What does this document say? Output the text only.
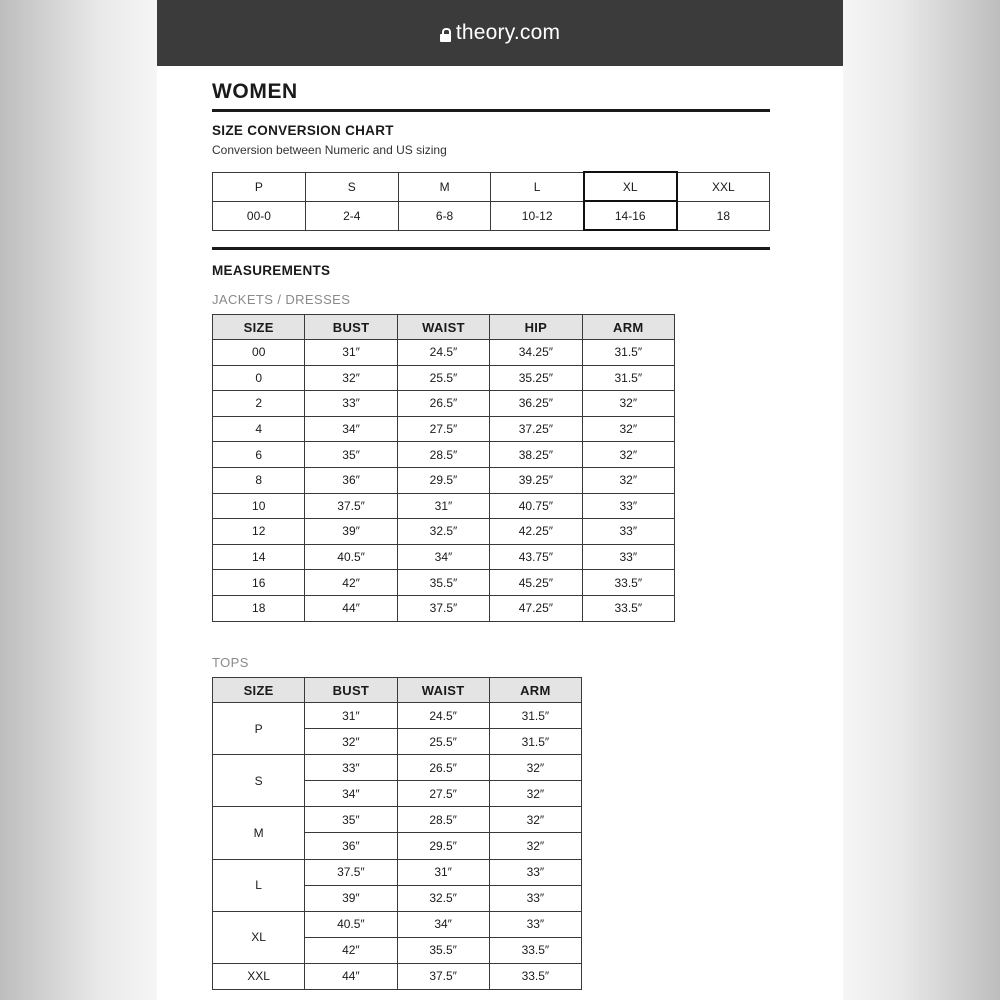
theory.com
WOMEN
SIZE CONVERSION CHART
Conversion between Numeric and US sizing
P	S	M	L	XL	XXL
00-0	2-4	6-8	10-12	14-16	18
MEASUREMENTS
JACKETS / DRESSES
SIZE	BUST	WAIST	HIP	ARM
00	31″	24.5″	34.25″	31.5″
0	32″	25.5″	35.25″	31.5″
2	33″	26.5″	36.25″	32″
4	34″	27.5″	37.25″	32″
6	35″	28.5″	38.25″	32″
8	36″	29.5″	39.25″	32″
10	37.5″	31″	40.75″	33″
12	39″	32.5″	42.25″	33″
14	40.5″	34″	43.75″	33″
16	42″	35.5″	45.25″	33.5″
18	44″	37.5″	47.25″	33.5″
TOPS
SIZE	BUST	WAIST	ARM
P	31″	24.5″	31.5″
	32″	25.5″	31.5″
S	33″	26.5″	32″
	34″	27.5″	32″
M	35″	28.5″	32″
	36″	29.5″	32″
L	37.5″	31″	33″
	39″	32.5″	33″
XL	40.5″	34″	33″
	42″	35.5″	33.5″
XXL	44″	37.5″	33.5″
